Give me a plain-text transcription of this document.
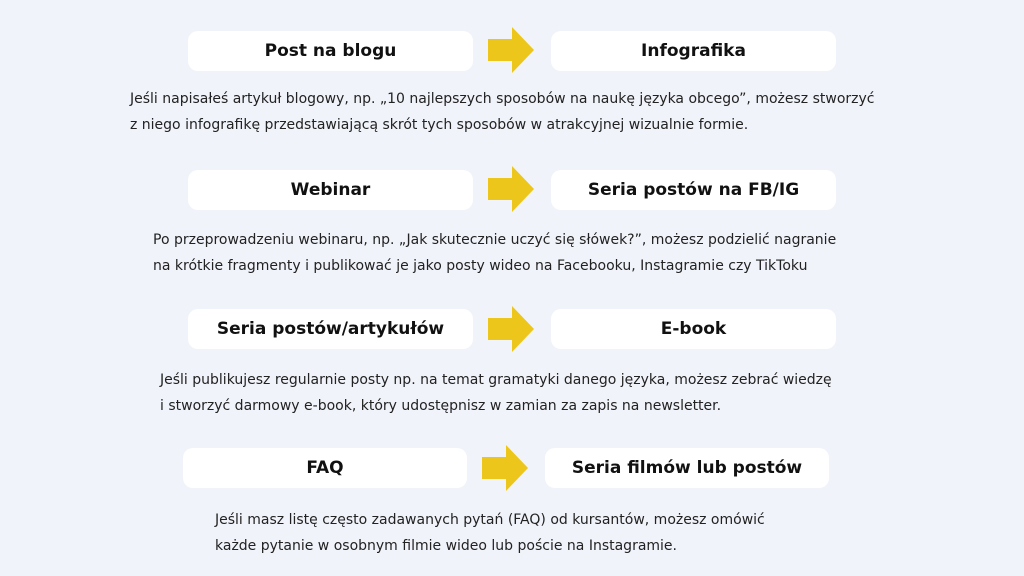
Post na blogu	Infografika
Jeśli napisałeś artykuł blogowy, np. „10 najlepszych sposobów na naukę języka obcego”, możesz stworzyć
z niego infografikę przedstawiającą skrót tych sposobów w atrakcyjnej wizualnie formie.
Webinar	Seria postów na FB/IG
Po przeprowadzeniu webinaru, np. „Jak skutecznie uczyć się słówek?”, możesz podzielić nagranie
na krótkie fragmenty i publikować je jako posty wideo na Facebooku, Instagramie czy TikToku
Seria postów/artykułów	E-book
Jeśli publikujesz regularnie posty np. na temat gramatyki danego języka, możesz zebrać wiedzę
i stworzyć darmowy e-book, który udostępnisz w zamian za zapis na newsletter.
FAQ	Seria filmów lub postów
Jeśli masz listę często zadawanych pytań (FAQ) od kursantów, możesz omówić
każde pytanie w osobnym filmie wideo lub poście na Instagramie.
